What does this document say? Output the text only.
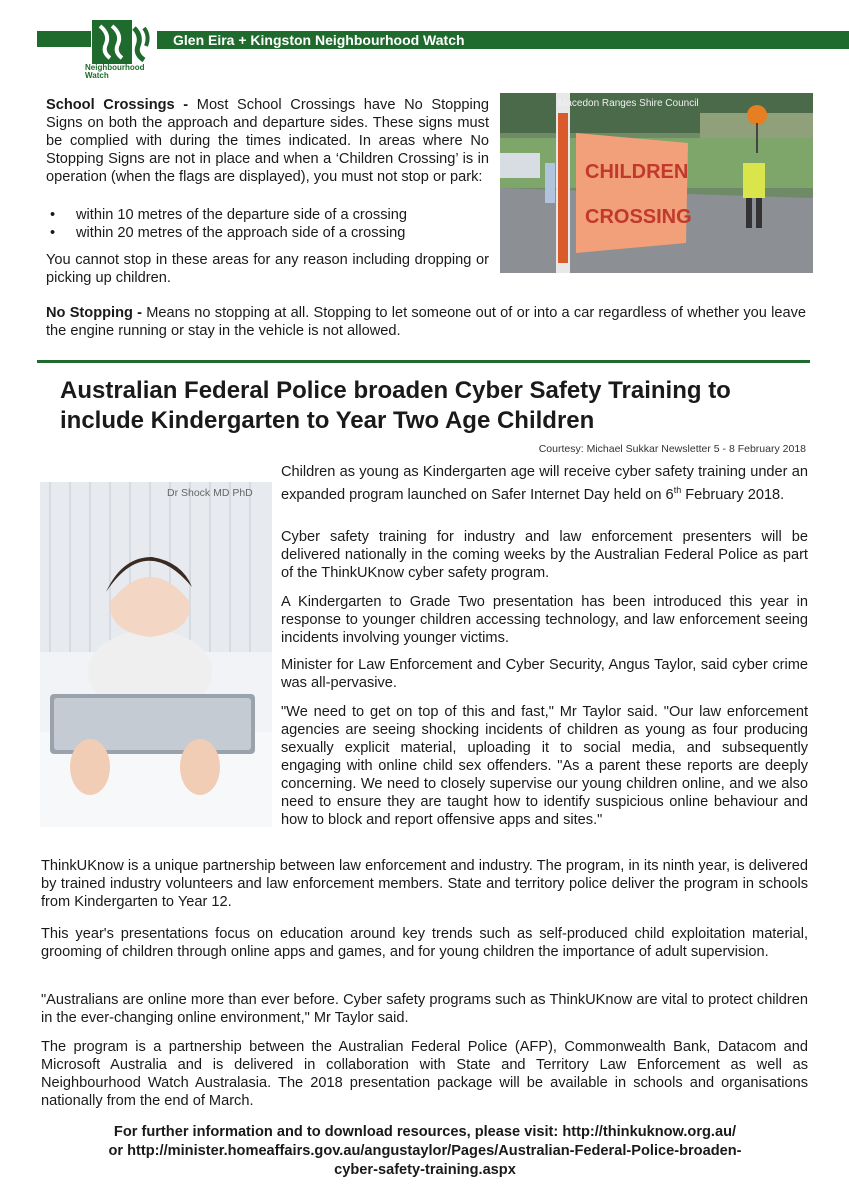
Glen Eira + Kingston Neighbourhood Watch
Neighbourhood
Watch
School Crossings - Most School Crossings have No Stopping Signs on both the approach and departure sides. These signs must be complied with during the times indicated. In areas where No Stopping Signs are not in place and when a ‘Children Crossing’ is in operation (when the flags are displayed), you must not stop or park:
• within 10 metres of the departure side of a crossing
• within 20 metres of the approach side of a crossing
You cannot stop in these areas for any reason including dropping or picking up children.
CHILDREN
CROSSING
Macedon Ranges Shire Council
No Stopping - Means no stopping at all. Stopping to let someone out of or into a car regardless of whether you leave the engine running or stay in the vehicle is not allowed.
Australian Federal Police broaden Cyber Safety Training to
include Kindergarten to Year Two Age Children
Courtesy: Michael Sukkar Newsletter 5 - 8 February 2018
Dr Shock MD PhD
Children as young as Kindergarten age will receive cyber safety training under an expanded program launched on Safer Internet Day held on 6th February 2018.
Cyber safety training for industry and law enforcement presenters will be delivered nationally in the coming weeks by the Australian Federal Police as part of the ThinkUKnow cyber safety program.
A Kindergarten to Grade Two presentation has been introduced this year in response to younger children accessing technology, and law enforcement seeing incidents involving younger victims.
Minister for Law Enforcement and Cyber Security, Angus Taylor, said cyber crime was all-pervasive.
"We need to get on top of this and fast," Mr Taylor said. "Our law enforcement agencies are seeing shocking incidents of children as young as four producing sexually explicit material, uploading it to social media, and subsequently engaging with online child sex offenders. "As a parent these reports are deeply concerning. We need to closely supervise our young children online, and we also need to ensure they are taught how to identify suspicious online behaviour and how to block and report offensive apps and sites."
ThinkUKnow is a unique partnership between law enforcement and industry. The program, in its ninth year, is delivered by trained industry volunteers and law enforcement members. State and territory police deliver the program in schools from Kindergarten to Year 12.
This year's presentations focus on education around key trends such as self-produced child exploitation material, grooming of children through online apps and games, and for young children the importance of adult supervision.
"Australians are online more than ever before. Cyber safety programs such as ThinkUKnow are vital to protect children in the ever-changing online environment," Mr Taylor said.
The program is a partnership between the Australian Federal Police (AFP), Commonwealth Bank, Datacom and Microsoft Australia and is delivered in collaboration with State and Territory Law Enforcement as well as Neighbourhood Watch Australasia. The 2018 presentation package will be available in schools and organisations nationally from the end of March.
For further information and to download resources, please visit: http://thinkuknow.org.au/
or http://minister.homeaffairs.gov.au/angustaylor/Pages/Australian-Federal-Police-broaden-
cyber-safety-training.aspx
